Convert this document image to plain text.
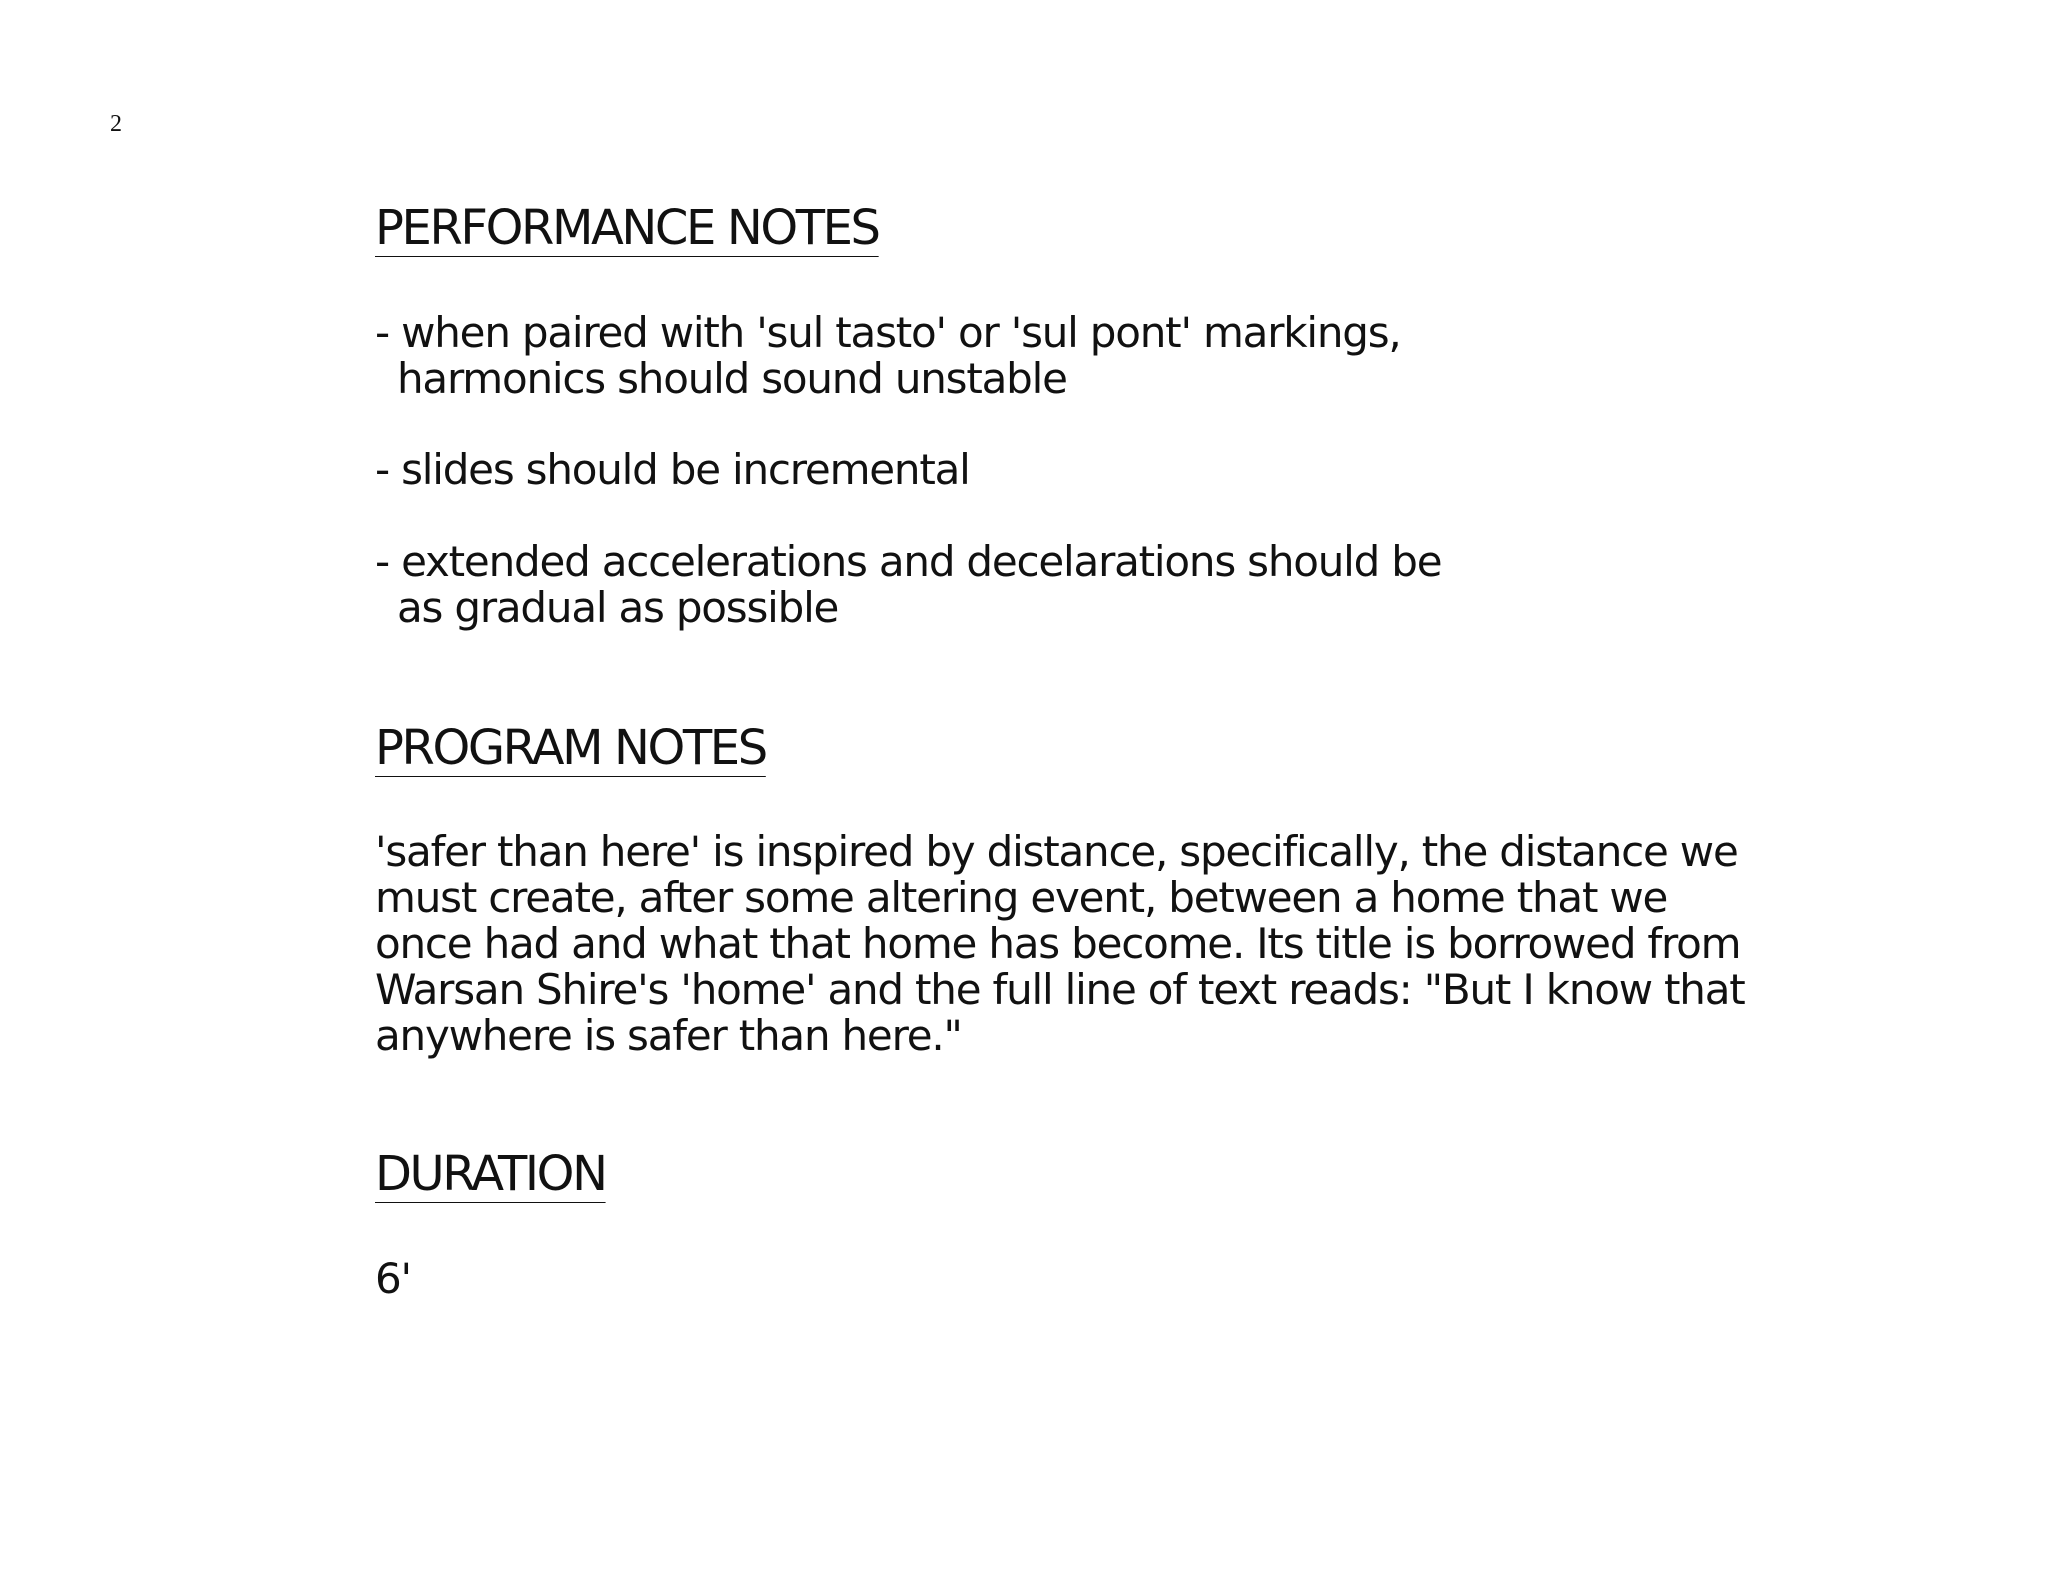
2
PERFORMANCE NOTES
- when paired with 'sul tasto' or 'sul pont' markings,
harmonics should sound unstable
- slides should be incremental
- extended accelerations and decelarations should be
as gradual as possible
PROGRAM NOTES
'safer than here' is inspired by distance, specifically, the distance we
must create, after some altering event, between a home that we
once had and what that home has become. Its title is borrowed from
Warsan Shire's 'home' and the full line of text reads: "But I know that
anywhere is safer than here."
DURATION
6'
